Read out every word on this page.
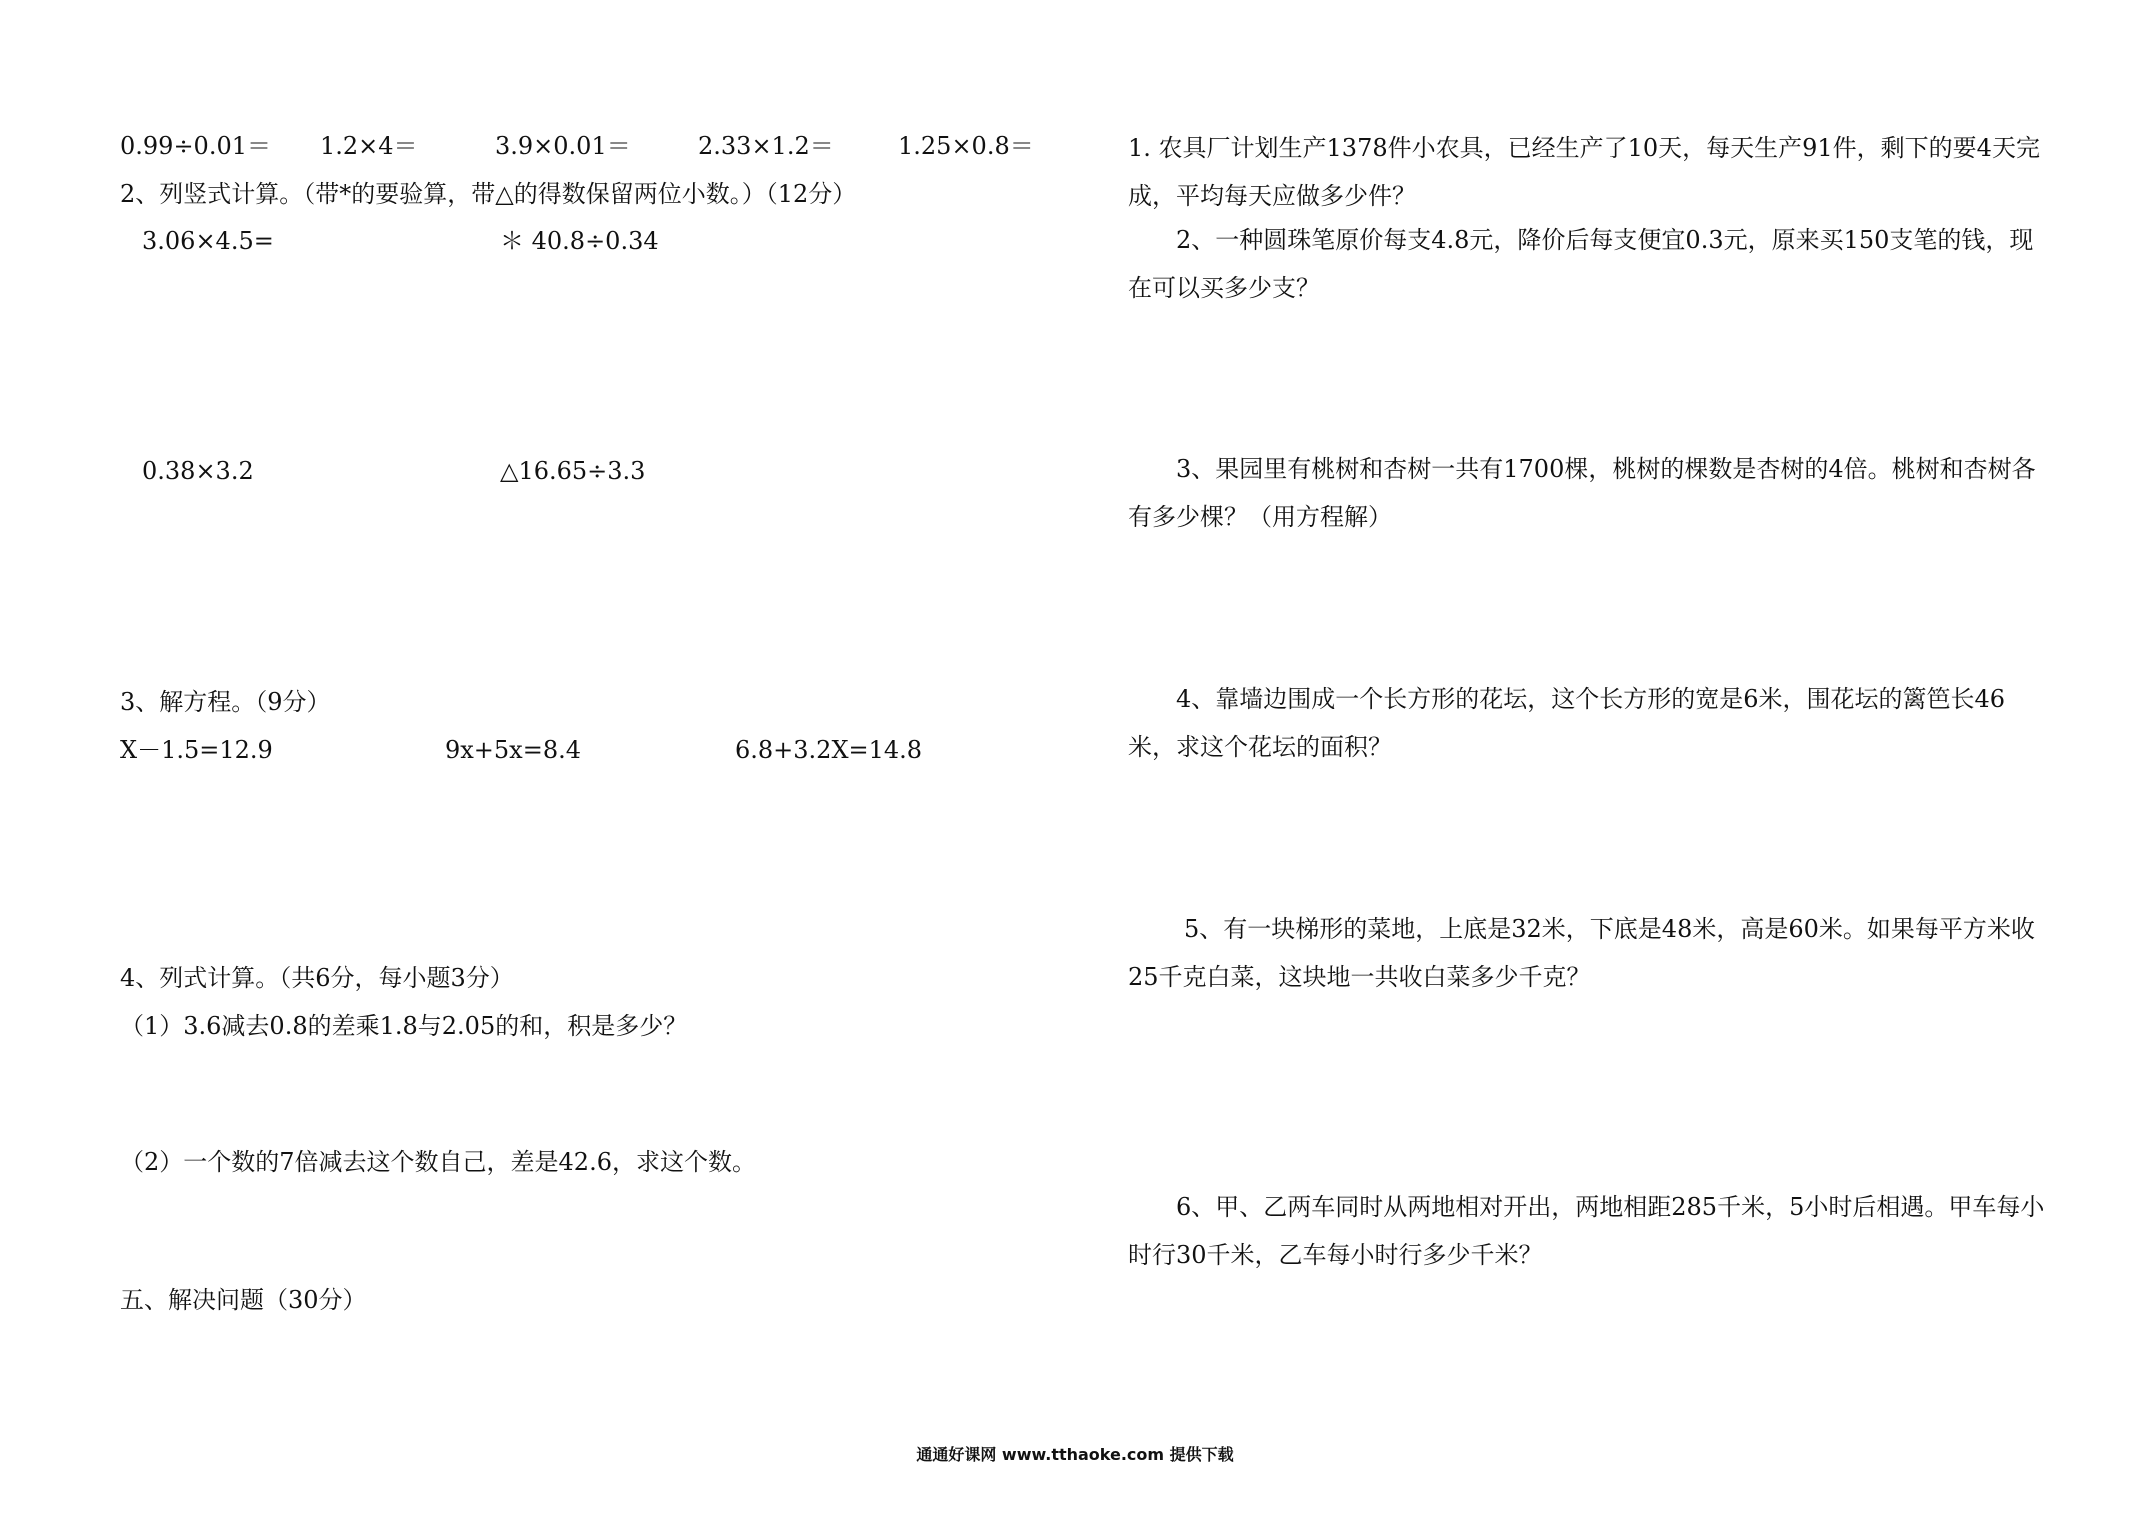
0.99÷0.01＝ 1.2×4＝	3.9×0.01＝	2.33×1.2＝	1.25×0.8＝
2、列竖式计算。（带*的要验算，带△的得数保留两位小数。）（12分）
3.06×4.5=	＊ 40.8÷0.34
0.38×3.2	△16.65÷3.3
3、解方程。（9分）
X－1.5=12.9	9x+5x=8.4	6.8+3.2X=14.8
4、列式计算。（共6分，每小题3分）
（1）3.6减去0.8的差乘1.8与2.05的和，积是多少？
（2）一个数的7倍减去这个数自己，差是42.6，求这个数。
五、解决问题（30分）

1. 农具厂计划生产1378件小农具，已经生产了10天，每天生产91件，剩下的要4天完成，平均每天应做多少件？

2、一种圆珠笔原价每支4.8元，降价后每支便宜0.3元，原来买150支笔的钱，现在可以买多少支？

3、果园里有桃树和杏树一共有1700棵，桃树的棵数是杏树的4倍。桃树和杏树各有多少棵？（用方程解）

4、靠墙边围成一个长方形的花坛，这个长方形的宽是6米，围花坛的篱笆长46米，求这个花坛的面积？

5、有一块梯形的菜地，上底是32米，下底是48米，高是60米。如果每平方米收25千克白菜，这块地一共收白菜多少千克？

6、甲、乙两车同时从两地相对开出，两地相距285千米，5小时后相遇。甲车每小时行30千米，乙车每小时行多少千米？

通通好课网 www.tthaoke.com 提供下载
